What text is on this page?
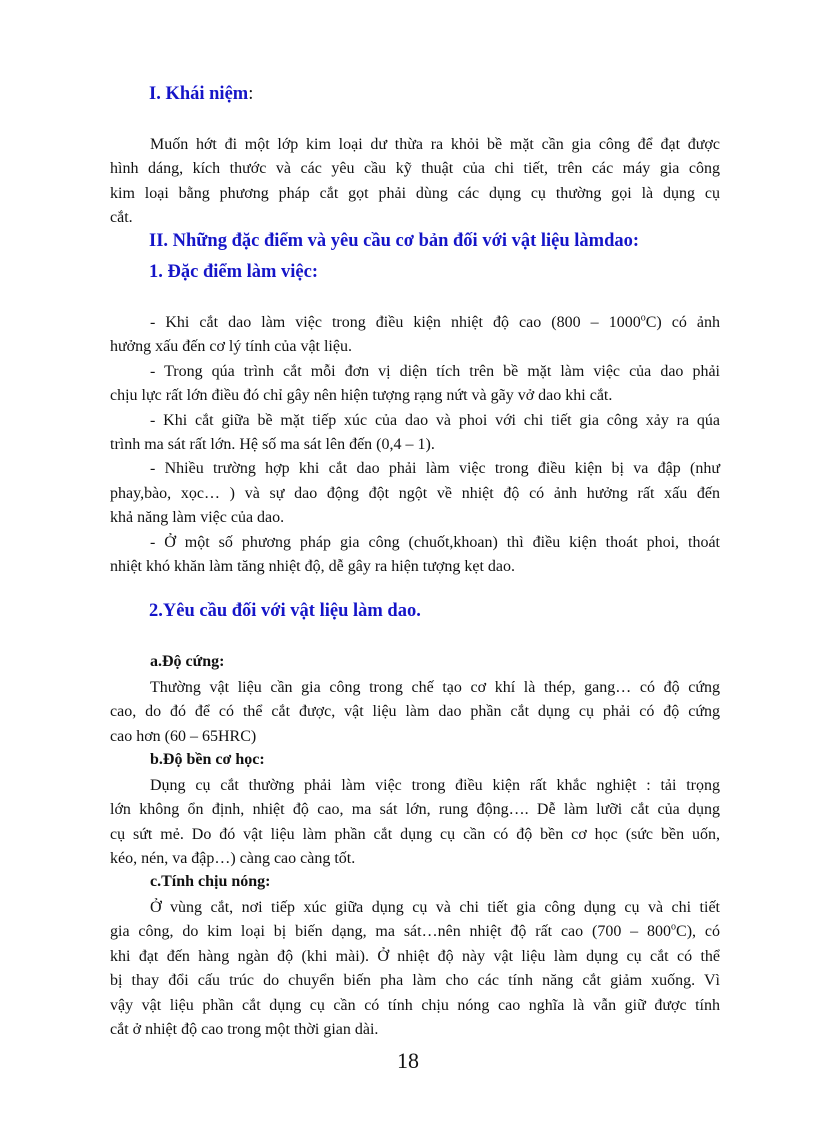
I. Khái niệm:
Muốn hớt đi một lớp kim loại dư thừa ra khỏi bề mặt cần gia công để đạt được
hình dáng, kích thước và các yêu cầu kỹ thuật của chi tiết, trên các máy gia công
kim loại bằng phương pháp cắt gọt phải dùng các dụng cụ thường gọi là dụng cụ
cắt.
II. Những đặc điểm và yêu cầu cơ bản đối với vật liệu làmdao:
1. Đặc điểm làm việc:
- Khi cắt dao làm việc trong điều kiện nhiệt độ cao (800 – 1000$^o$C) có ảnh
hưởng xấu đến cơ lý tính của vật liệu.
- Trong qúa trình cắt mỗi đơn vị diện tích trên bề mặt làm việc của dao phải
chịu lực rất lớn điều đó chỉ gây nên hiện tượng rạng nứt và gãy vở dao khi cắt.
- Khi cắt giữa bề mặt tiếp xúc của dao và phoi với chi tiết gia công xảy ra qúa
trình ma sát rất lớn. Hệ số ma sát lên đến (0,4 – 1).
- Nhiều trường hợp khi cắt dao phải làm việc trong điều kiện bị va đập (như
phay,bào, xọc… ) và sự dao động đột ngột về nhiệt độ có ảnh hưởng rất xấu đến
khả năng làm việc của dao.
- Ở một số phương pháp gia công (chuốt,khoan) thì điều kiện thoát phoi, thoát
nhiệt khó khăn làm tăng nhiệt độ, dễ gây ra hiện tượng kẹt dao.
2.Yêu cầu đối với vật liệu làm dao.
a.Độ cứng:
Thường vật liệu cần gia công trong chế tạo cơ khí là thép, gang… có độ cứng
cao, do đó để có thể cắt được, vật liệu làm dao phần cắt dụng cụ phải có độ cứng
cao hơn (60 – 65HRC)
b.Độ bền cơ học:
Dụng cụ cắt thường phải làm việc trong điều kiện rất khắc nghiệt : tải trọng
lớn không ổn định, nhiệt độ cao, ma sát lớn, rung động…. Dễ làm lưỡi cắt của dụng
cụ sứt mẻ. Do đó vật liệu làm phần cắt dụng cụ cần có độ bền cơ học (sức bền uốn,
kéo, nén, va đập…) càng cao càng tốt.
c.Tính chịu nóng:
Ở vùng cắt, nơi tiếp xúc giữa dụng cụ và chi tiết gia công dụng cụ và chi tiết
gia công, do kim loại bị biến dạng, ma sát…nên nhiệt độ rất cao (700 – 800$^o$C), có
khi đạt đến hàng ngàn độ (khi mài). Ở nhiệt độ này vật liệu làm dụng cụ cắt có thể
bị thay đổi cấu trúc do chuyển biến pha làm cho các tính năng cắt giảm xuống. Vì
vậy vật liệu phần cắt dụng cụ cần có tính chịu nóng cao nghĩa là vẫn giữ được tính
cắt ở nhiệt độ cao trong một thời gian dài.
18
